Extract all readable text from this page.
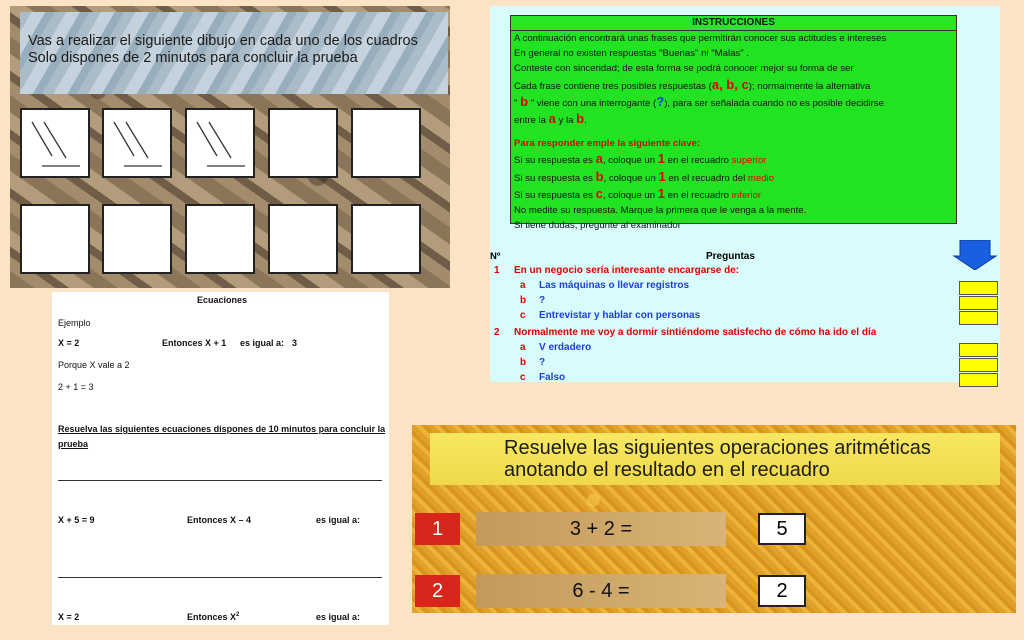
Vas a realizar el siguiente dibujo en cada uno de los cuadros
Solo dispones de 2 minutos para concluir la prueba
INSTRUCCIONES
A continuación encontrará unas frases que permitirán conocer sus actitudes e intereses
En general no existen respuestas "Buenas" ni "Malas" .
Conteste con sinceridad; de esta forma se podrá conocer mejor su forma de ser
Cada frase contiene tres posibles respuestas (a, b, c); normalmente la alternativa
" b " viene con una interrogante (?), para ser señalada cuando no es posible decidirse
entre la a y la b.
Para responder emple la siguiente clave:
Si su respuesta es a, coloque un 1 en el recuadro superior
Si su respuesta es b, coloque un 1 en el recuadro del medio
Si su respuesta es c, coloque un 1 en el recuadro inferior
No medite su respuesta. Marque la primera que le venga a la mente.
Si tiene dudas, pregunte al examinador
Nº	Preguntas
1 En un negocio sería interesante encargarse de:
a Las máquinas o llevar registros
b ?
c Entrevistar y hablar con personas
2 Normalmente me voy a dormir sintiéndome satisfecho de cómo ha ido el día
a V erdadero
b ?
c Falso
Ecuaciones
Ejemplo
X = 2	Entonces X + 1 es igual a: 3
Porque X vale a 2
2 + 1 = 3
Resuelva las siguientes ecuaciones dispones de 10 minutos para concluir la
prueba
X + 5 = 9	Entonces X – 4	es igual a:
X = 2	Entonces $X^2$	es igual a:
Resuelve las siguientes operaciones aritméticas
anotando el resultado en el recuadro
1	3 + 2 =	5
2	6 - 4 =	2
